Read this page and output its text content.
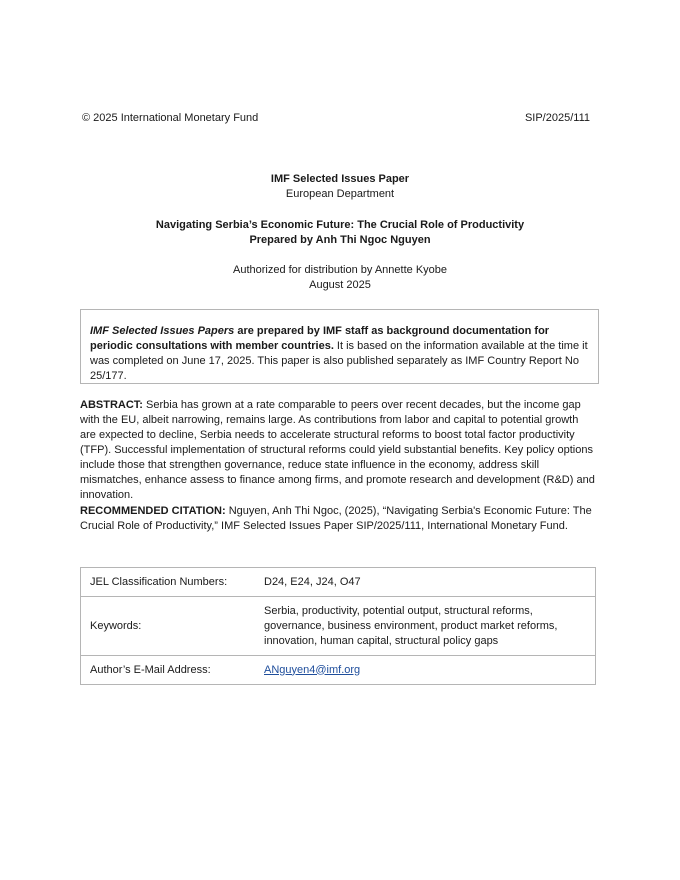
© 2025 International Monetary Fund	SIP/2025/111
IMF Selected Issues Paper
European Department
Navigating Serbia’s Economic Future: The Crucial Role of Productivity
Prepared by Anh Thi Ngoc Nguyen
Authorized for distribution by Annette Kyobe
August 2025

IMF Selected Issues Papers are prepared by IMF staff as background documentation for periodic consultations with member countries. It is based on the information available at the time it was completed on June 17, 2025. This paper is also published separately as IMF Country Report No 25/177.

ABSTRACT: Serbia has grown at a rate comparable to peers over recent decades, but the income gap with the EU, albeit narrowing, remains large. As contributions from labor and capital to potential growth are expected to decline, Serbia needs to accelerate structural reforms to boost total factor productivity (TFP). Successful implementation of structural reforms could yield substantial benefits. Key policy options include those that strengthen governance, reduce state influence in the economy, address skill mismatches, enhance assess to finance among firms, and promote research and development (R&D) and innovation.

RECOMMENDED CITATION: Nguyen, Anh Thi Ngoc, (2025), “Navigating Serbia's Economic Future: The Crucial Role of Productivity,” IMF Selected Issues Paper SIP/2025/111, International Monetary Fund.

JEL Classification Numbers:	D24, E24, J24, O47
Keywords:	Serbia, productivity, potential output, structural reforms, governance, business environment, product market reforms, innovation, human capital, structural policy gaps
Author’s E-Mail Address:	ANguyen4@imf.org
